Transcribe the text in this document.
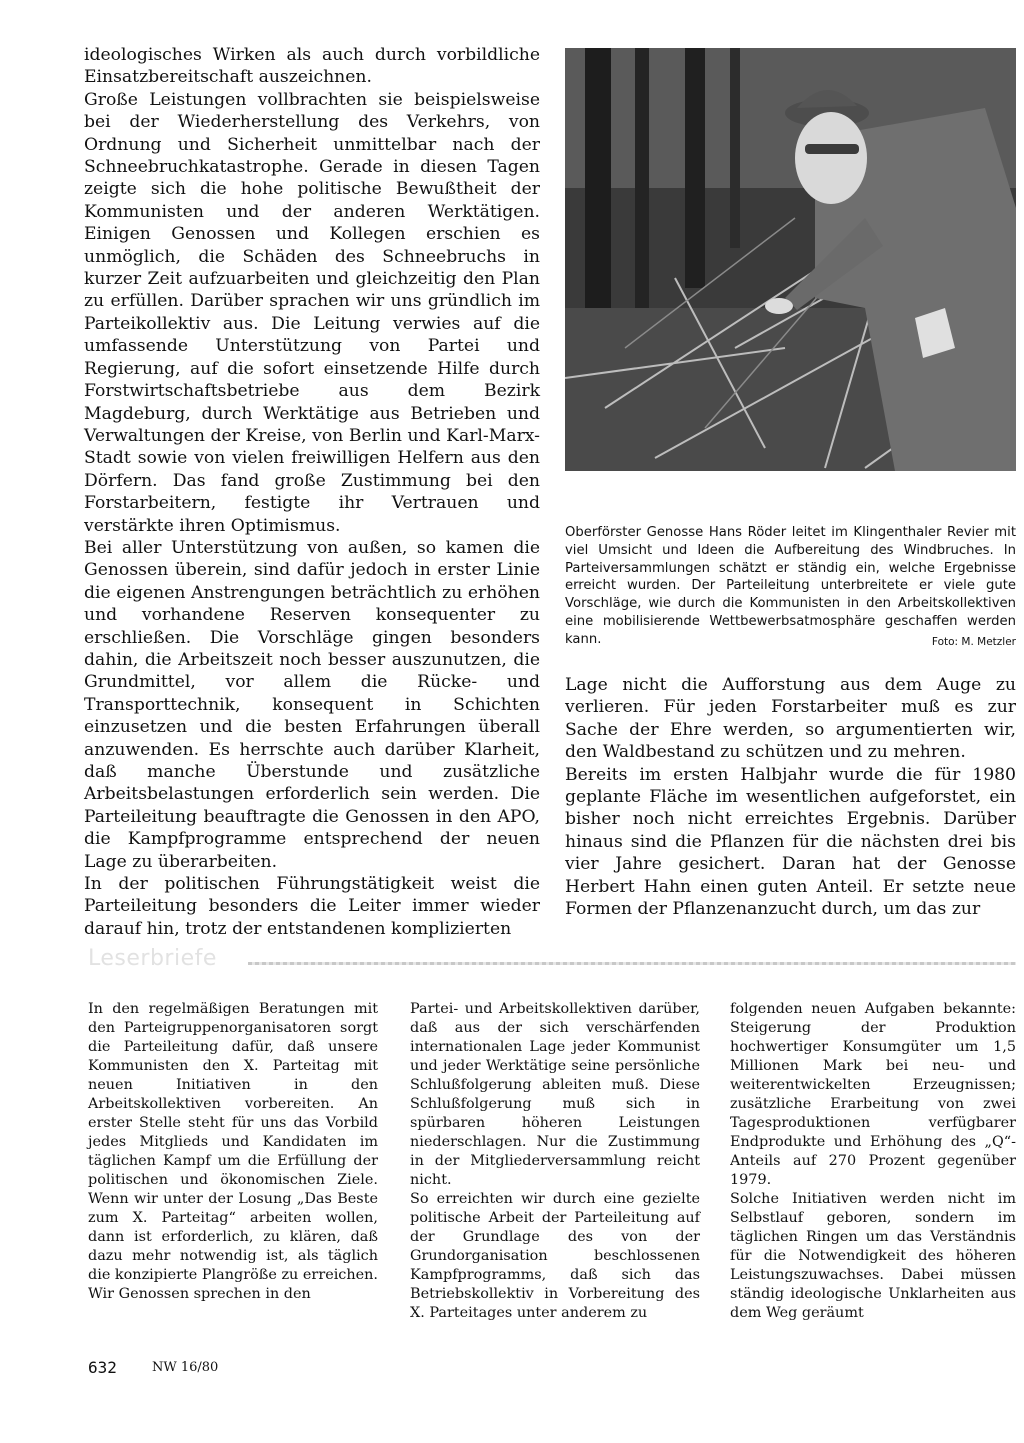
ideologisches Wirken als auch durch vorbildliche Einsatzbereitschaft auszeichnen.

Große Leistungen vollbrachten sie beispielsweise bei der Wiederherstellung des Verkehrs, von Ordnung und Sicherheit unmittelbar nach der Schneebruchkatastrophe. Gerade in diesen Tagen zeigte sich die hohe politische Bewußtheit der Kommunisten und der anderen Werktätigen. Einigen Genossen und Kollegen erschien es unmöglich, die Schäden des Schneebruchs in kurzer Zeit aufzuarbeiten und gleichzeitig den Plan zu erfüllen. Darüber sprachen wir uns gründlich im Parteikollektiv aus. Die Leitung verwies auf die umfassende Unterstützung von Partei und Regierung, auf die sofort einsetzende Hilfe durch Forstwirtschaftsbetriebe aus dem Bezirk Magdeburg, durch Werktätige aus Betrieben und Verwaltungen der Kreise, von Berlin und Karl-Marx-Stadt sowie von vielen freiwilligen Helfern aus den Dörfern. Das fand große Zustimmung bei den Forstarbeitern, festigte ihr Vertrauen und verstärkte ihren Optimismus.

Bei aller Unterstützung von außen, so kamen die Genossen überein, sind dafür jedoch in erster Linie die eigenen Anstrengungen beträchtlich zu erhöhen und vorhandene Reserven konsequenter zu erschließen. Die Vorschläge gingen besonders dahin, die Arbeitszeit noch besser auszunutzen, die Grundmittel, vor allem die Rücke- und Transporttechnik, konsequent in Schichten einzusetzen und die besten Erfahrungen überall anzuwenden. Es herrschte auch darüber Klarheit, daß manche Überstunde und zusätzliche Arbeitsbelastungen erforderlich sein werden. Die Parteileitung beauftragte die Genossen in den APO, die Kampfprogramme entsprechend der neuen Lage zu überarbeiten.

In der politischen Führungstätigkeit weist die Parteileitung besonders die Leiter immer wieder darauf hin, trotz der entstandenen komplizierten

Oberförster Genosse Hans Röder leitet im Klingenthaler Revier mit viel Umsicht und Ideen die Aufbereitung des Windbruches. In Parteiversammlungen schätzt er ständig ein, welche Ergebnisse erreicht wurden. Der Parteileitung unterbreitete er viele gute Vorschläge, wie durch die Kommunisten in den Arbeitskollektiven eine mobilisierende Wettbewerbsatmosphäre geschaffen werden kann.	Foto: M. Metzler

Lage nicht die Aufforstung aus dem Auge zu verlieren. Für jeden Forstarbeiter muß es zur Sache der Ehre werden, so argumentierten wir, den Waldbestand zu schützen und zu mehren.

Bereits im ersten Halbjahr wurde die für 1980 geplante Fläche im wesentlichen aufgeforstet, ein bisher noch nicht erreichtes Ergebnis. Darüber hinaus sind die Pflanzen für die nächsten drei bis vier Jahre gesichert. Daran hat der Genosse Herbert Hahn einen guten Anteil. Er setzte neue Formen der Pflanzenanzucht durch, um das zur

Leserbriefe

In den regelmäßigen Beratungen mit den Parteigruppenorganisatoren sorgt die Parteileitung dafür, daß unsere Kommunisten den X. Parteitag mit neuen Initiativen in den Arbeitskollektiven vorbereiten. An erster Stelle steht für uns das Vorbild jedes Mitglieds und Kandidaten im täglichen Kampf um die Erfüllung der politischen und ökonomischen Ziele. Wenn wir unter der Losung „Das Beste zum X. Parteitag“ arbeiten wollen, dann ist erforderlich, zu klären, daß dazu mehr notwendig ist, als täglich die konzipierte Plangröße zu erreichen. Wir Genossen sprechen in den

Partei- und Arbeitskollektiven darüber, daß aus der sich verschärfenden internationalen Lage jeder Kommunist und jeder Werktätige seine persönliche Schlußfolgerung ableiten muß. Diese Schlußfolgerung muß sich in spürbaren höheren Leistungen niederschlagen. Nur die Zustimmung in der Mitgliederversammlung reicht nicht.

So erreichten wir durch eine gezielte politische Arbeit der Parteileitung auf der Grundlage des von der Grundorganisation beschlossenen Kampfprogramms, daß sich das Betriebskollektiv in Vorbereitung des X. Parteitages unter anderem zu

folgenden neuen Aufgaben bekannte: Steigerung der Produktion hochwertiger Konsumgüter um 1,5 Millionen Mark bei neu- und weiterentwickelten Erzeugnissen; zusätzliche Erarbeitung von zwei Tagesproduktionen verfügbarer Endprodukte und Erhöhung des „Q“-Anteils auf 270 Prozent gegenüber 1979.

Solche Initiativen werden nicht im Selbstlauf geboren, sondern im täglichen Ringen um das Verständnis für die Notwendigkeit des höheren Leistungszuwachses. Dabei müssen ständig ideologische Unklarheiten aus dem Weg geräumt

632	NW 16/80
